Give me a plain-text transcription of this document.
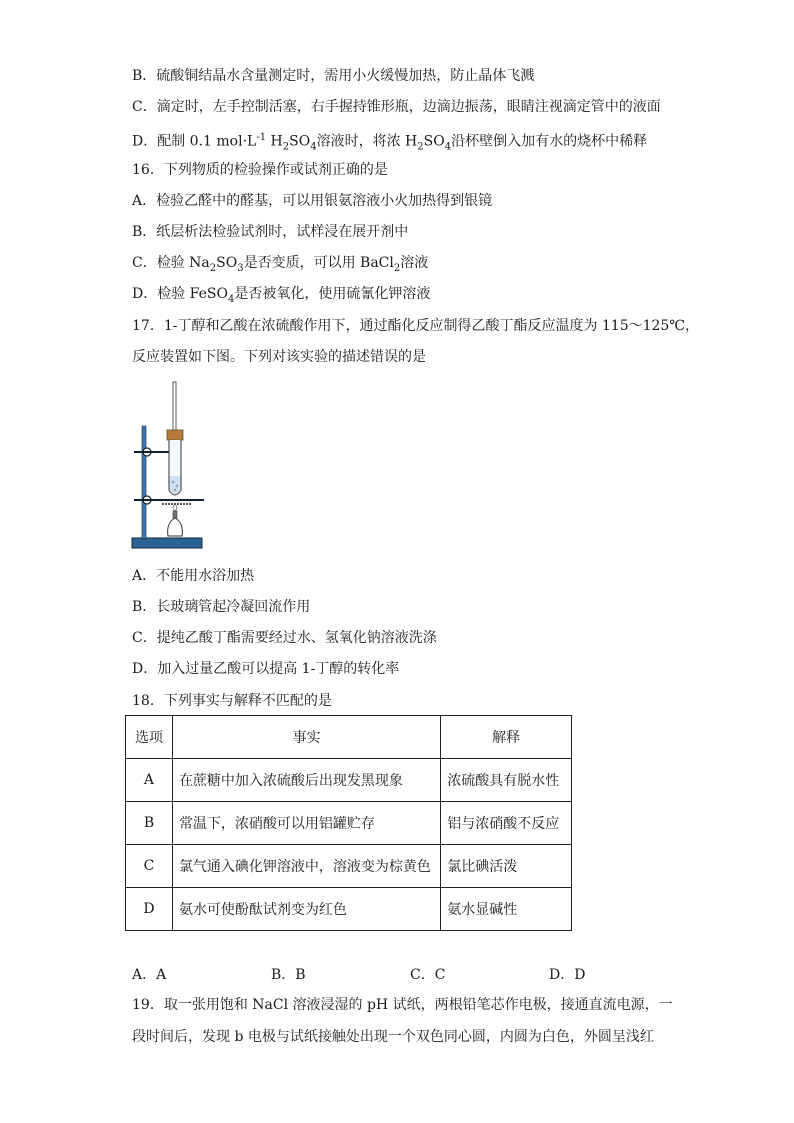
B．硫酸铜结晶水含量测定时，需用小火缓慢加热，防止晶体飞溅
C．滴定时，左手控制活塞，右手握持锥形瓶，边滴边振荡，眼睛注视滴定管中的液面
D．配制 0.1 $mol\cdot L^{-1}$ $H_2SO_4$溶液时，将浓 $H_2SO_4$沿杯壁倒入加有水的烧杯中稀释
16．下列物质的检验操作或试剂正确的是
A．检验乙醛中的醛基，可以用银氨溶液小火加热得到银镜
B．纸层析法检验试剂时，试样浸在展开剂中
C．检验 $Na_2SO_3$是否变质，可以用 BaCl$_2$溶液
D．检验 FeSO$_4$是否被氧化，使用硫氰化钾溶液
17．1-丁醇和乙酸在浓硫酸作用下，通过酯化反应制得乙酸丁酯反应温度为 115～125℃，
反应装置如下图。下列对该实验的描述错误的是
A．不能用水浴加热
B．长玻璃管起冷凝回流作用
C．提纯乙酸丁酯需要经过水、氢氧化钠溶液洗涤
D．加入过量乙酸可以提高 1-丁醇的转化率
18．下列事实与解释不匹配的是
选项	事实	解释
A	在蔗糖中加入浓硫酸后出现发黑现象	浓硫酸具有脱水性
B	常温下，浓硝酸可以用铝罐贮存	铝与浓硝酸不反应
C	氯气通入碘化钾溶液中，溶液变为棕黄色	氯比碘活泼
D	氨水可使酚酞试剂变为红色	氨水显碱性
A．A	B．B	C．C	D．D
19．取一张用饱和 NaCl 溶液浸湿的 pH 试纸，两根铅笔芯作电极，接通直流电源，一
段时间后，发现 b 电极与试纸接触处出现一个双色同心圆，内圆为白色，外圆呈浅红
